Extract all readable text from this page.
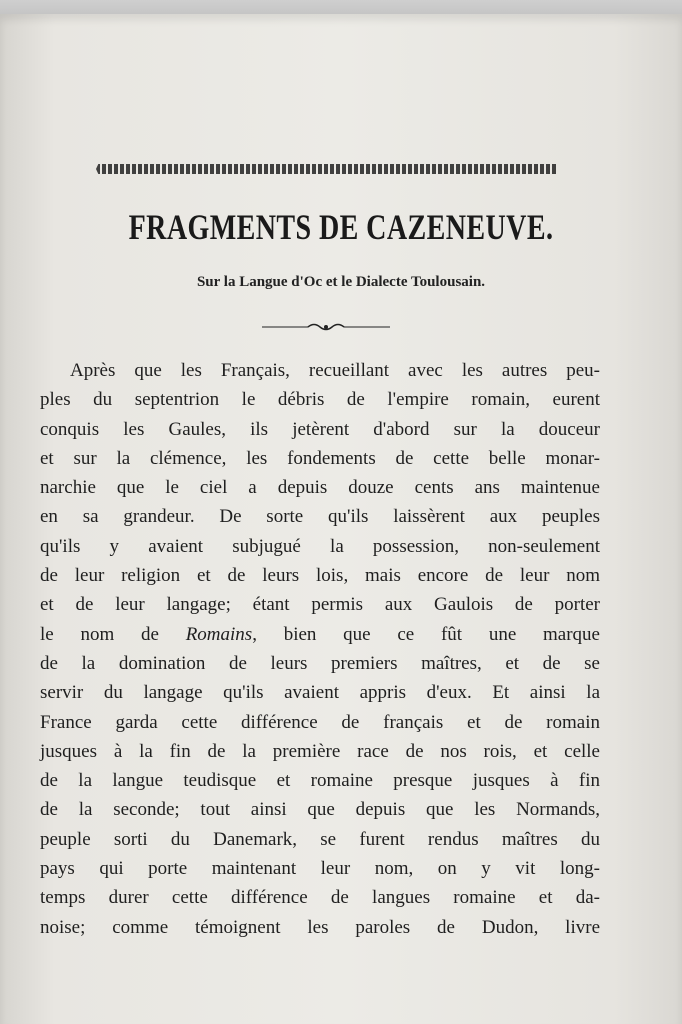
FRAGMENTS DE CAZENEUVE.

Sur la Langue d'Oc et le Dialecte Toulousain.

Après que les Français, recueillant avec les autres peu-
ples du septentrion le débris de l'empire romain, eurent
conquis les Gaules, ils jetèrent d'abord sur la douceur
et sur la clémence, les fondements de cette belle monar-
narchie que le ciel a depuis douze cents ans maintenue
en sa grandeur. De sorte qu'ils laissèrent aux peuples
qu'ils y avaient subjugué la possession, non-seulement
de leur religion et de leurs lois, mais encore de leur nom
et de leur langage; étant permis aux Gaulois de porter
le nom de Romains, bien que ce fût une marque
de la domination de leurs premiers maîtres, et de se
servir du langage qu'ils avaient appris d'eux. Et ainsi la
France garda cette différence de français et de romain
jusques à la fin de la première race de nos rois, et celle
de la langue teudisque et romaine presque jusques à fin
de la seconde; tout ainsi que depuis que les Normands,
peuple sorti du Danemark, se furent rendus maîtres du
pays qui porte maintenant leur nom, on y vit long-
temps durer cette différence de langues romaine et da-
noise; comme témoignent les paroles de Dudon, livre
